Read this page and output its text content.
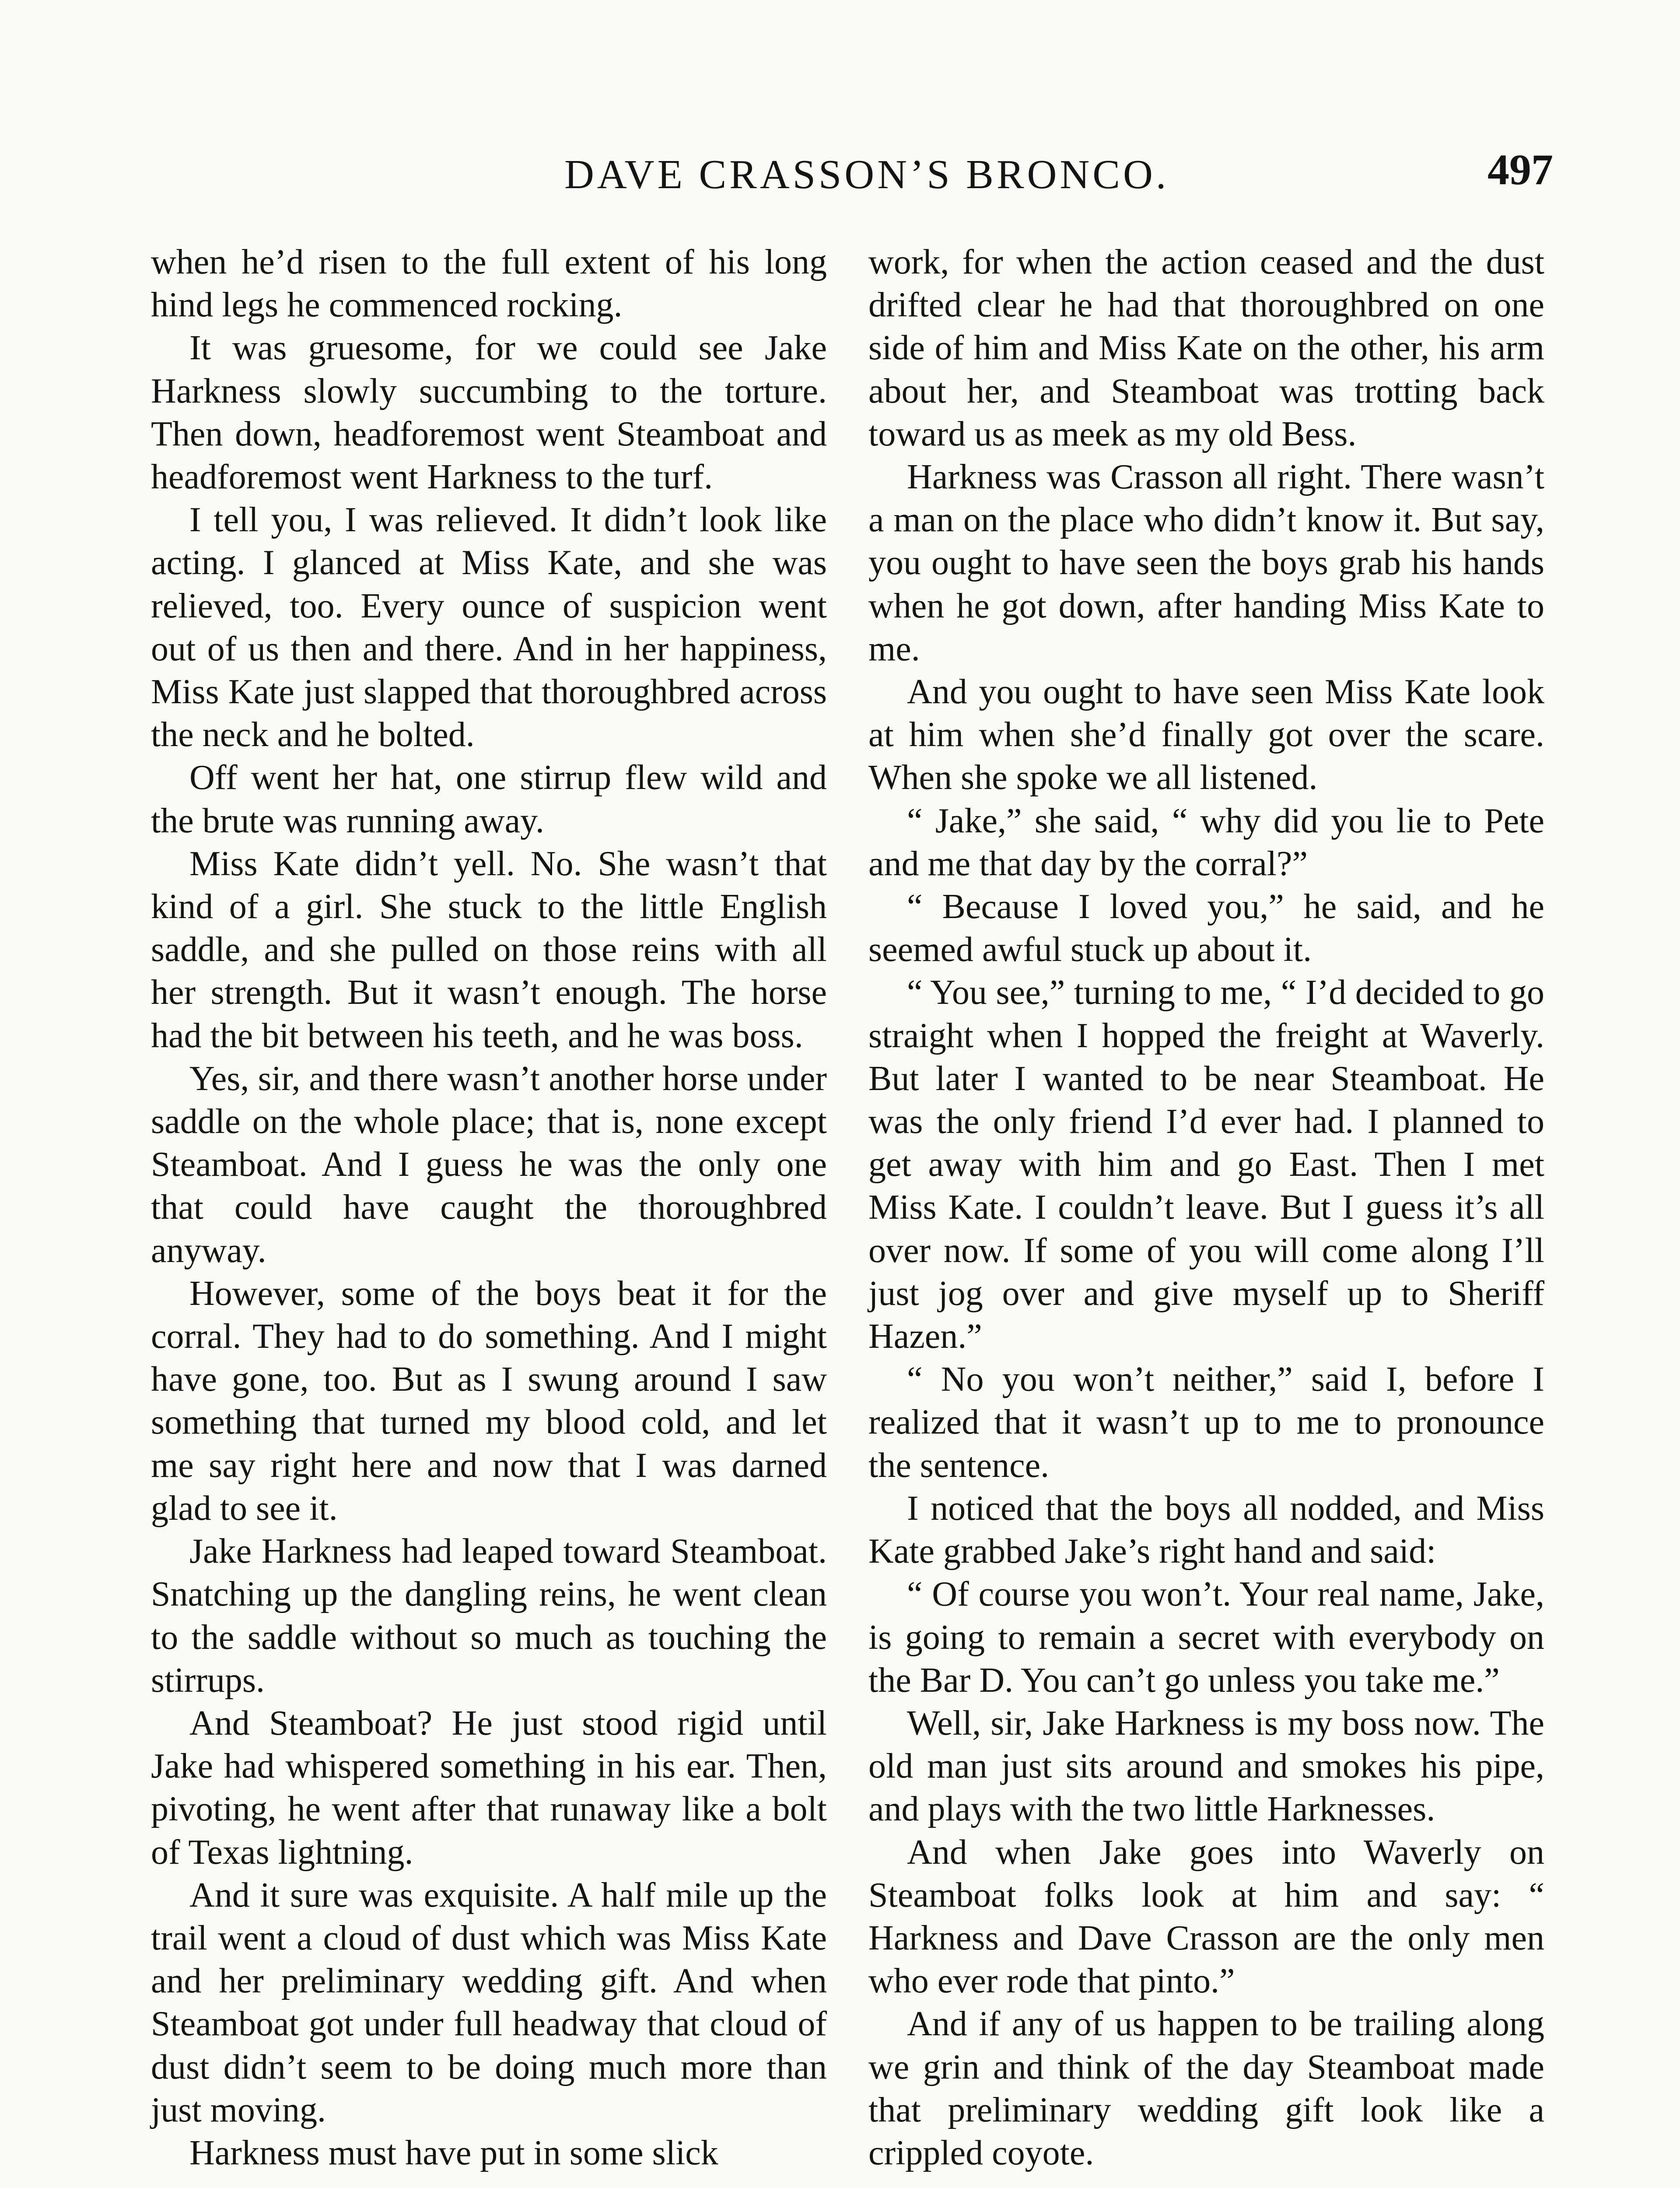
DAVE CRASSON’S BRONCO.	497

when he’d risen to the full extent of his long hind legs he commenced rocking.

It was gruesome, for we could see Jake Harkness slowly succumbing to the torture. Then down, headforemost went Steamboat and headforemost went Harkness to the turf.

I tell you, I was relieved. It didn’t look like acting. I glanced at Miss Kate, and she was relieved, too. Every ounce of suspicion went out of us then and there. And in her happiness, Miss Kate just slapped that thoroughbred across the neck and he bolted.

Off went her hat, one stirrup flew wild and the brute was running away.

Miss Kate didn’t yell. No. She wasn’t that kind of a girl. She stuck to the little English saddle, and she pulled on those reins with all her strength. But it wasn’t enough. The horse had the bit between his teeth, and he was boss.

Yes, sir, and there wasn’t another horse under saddle on the whole place; that is, none except Steamboat. And I guess he was the only one that could have caught the thoroughbred anyway.

However, some of the boys beat it for the corral. They had to do something. And I might have gone, too. But as I swung around I saw something that turned my blood cold, and let me say right here and now that I was darned glad to see it.

Jake Harkness had leaped toward Steamboat. Snatching up the dangling reins, he went clean to the saddle without so much as touching the stirrups.

And Steamboat? He just stood rigid until Jake had whispered something in his ear. Then, pivoting, he went after that runaway like a bolt of Texas lightning.

And it sure was exquisite. A half mile up the trail went a cloud of dust which was Miss Kate and her preliminary wedding gift. And when Steamboat got under full headway that cloud of dust didn’t seem to be doing much more than just moving.

Harkness must have put in some slick

work, for when the action ceased and the dust drifted clear he had that thoroughbred on one side of him and Miss Kate on the other, his arm about her, and Steamboat was trotting back toward us as meek as my old Bess.

Harkness was Crasson all right. There wasn’t a man on the place who didn’t know it. But say, you ought to have seen the boys grab his hands when he got down, after handing Miss Kate to me.

And you ought to have seen Miss Kate look at him when she’d finally got over the scare. When she spoke we all listened.

“ Jake,” she said, “ why did you lie to Pete and me that day by the corral?”

“ Because I loved you,” he said, and he seemed awful stuck up about it.

“ You see,” turning to me, “ I’d decided to go straight when I hopped the freight at Waverly. But later I wanted to be near Steamboat. He was the only friend I’d ever had. I planned to get away with him and go East. Then I met Miss Kate. I couldn’t leave. But I guess it’s all over now. If some of you will come along I’ll just jog over and give myself up to Sheriff Hazen.”

“ No you won’t neither,” said I, before I realized that it wasn’t up to me to pronounce the sentence.

I noticed that the boys all nodded, and Miss Kate grabbed Jake’s right hand and said:

“ Of course you won’t. Your real name, Jake, is going to remain a secret with everybody on the Bar D. You can’t go unless you take me.”

Well, sir, Jake Harkness is my boss now. The old man just sits around and smokes his pipe, and plays with the two little Harknesses.

And when Jake goes into Waverly on Steamboat folks look at him and say: “ Harkness and Dave Crasson are the only men who ever rode that pinto.”

And if any of us happen to be trailing along we grin and think of the day Steamboat made that preliminary wedding gift look like a crippled coyote.
